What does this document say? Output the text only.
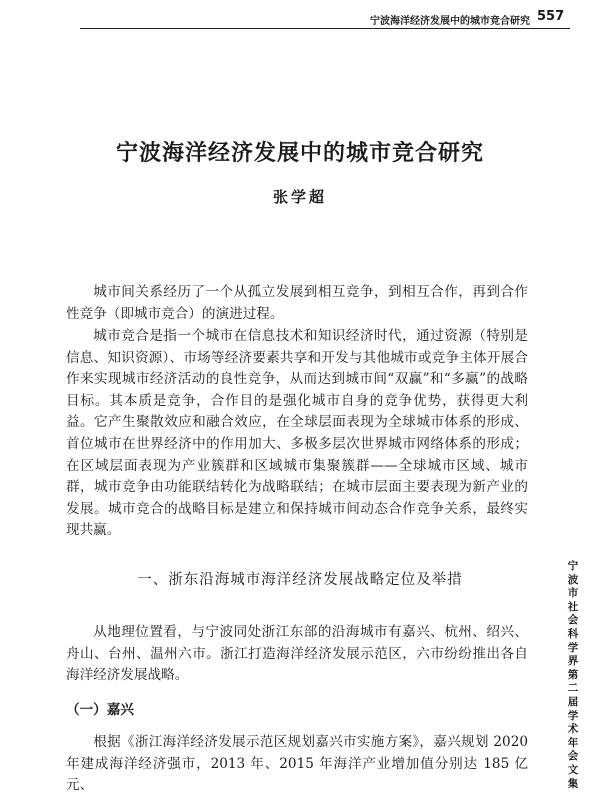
宁波海洋经济发展中的城市竞合研究 557
宁波海洋经济发展中的城市竞合研究
张学超

城市间关系经历了一个从孤立发展到相互竞争，到相互合作，再到合作性竞争（即城市竞合）的演进过程。

城市竞合是指一个城市在信息技术和知识经济时代，通过资源（特别是信息、知识资源）、市场等经济要素共享和开发与其他城市或竞争主体开展合作来实现城市经济活动的良性竞争，从而达到城市间“双赢”和“多赢”的战略目标。其本质是竞争，合作目的是强化城市自身的竞争优势，获得更大利益。它产生聚散效应和融合效应，在全球层面表现为全球城市体系的形成、首位城市在世界经济中的作用加大、多极多层次世界城市网络体系的形成；在区域层面表现为产业簇群和区域城市集聚簇群——全球城市区域、城市群，城市竞争由功能联结转化为战略联结；在城市层面主要表现为新产业的发展。城市竞合的战略目标是建立和保持城市间动态合作竞争关系，最终实现共赢。

一、浙东沿海城市海洋经济发展战略定位及举措

从地理位置看，与宁波同处浙江东部的沿海城市有嘉兴、杭州、绍兴、舟山、台州、温州六市。浙江打造海洋经济发展示范区，六市纷纷推出各自海洋经济发展战略。

（一）嘉兴

根据《浙江海洋经济发展示范区规划嘉兴市实施方案》，嘉兴规划 2020 年建成海洋经济强市，2013 年、2015 年海洋产业增加值分别达 185 亿元、

宁波市社会科学界第二届学术年会文集
